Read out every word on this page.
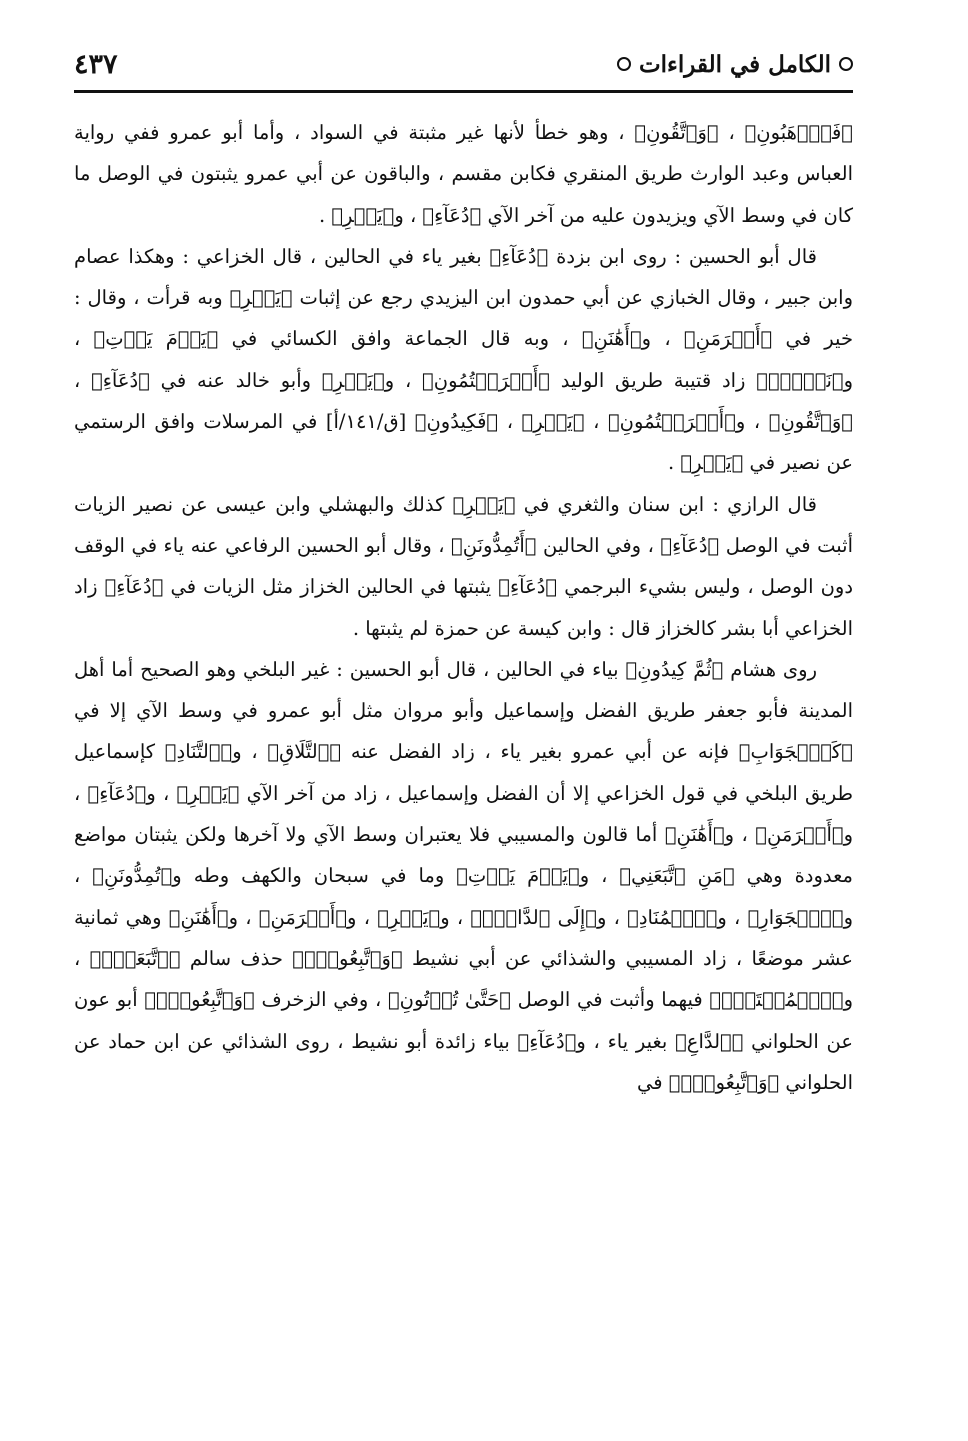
الكامل في القراءات
٤٣٧

﴿فَٱرۡهَبُونِ﴾ ، ﴿وَٱتَّقُونِ﴾ ، وهو خطأ لأنها غير مثبتة في السواد ، وأما أبو عمرو ففي رواية العباس وعبد الوارث طريق المنقري فكابن مقسم ، والباقون عن أبي عمرو يثبتون في الوصل ما كان في وسط الآي ويزيدون عليه من آخر الآي ﴿دُعَآءِ﴾ ، و﴿يَسۡرِ﴾ .

قال أبو الحسين : روى ابن بزدة ﴿دُعَآءِ﴾ بغير ياء في الحالين ، قال الخزاعي : وهكذا عصام وابن جبير ، وقال الخبازي عن أبي حمدون ابن اليزيدي رجع عن إثبات ﴿يَسۡرِ﴾ وبه قرأت ، وقال : خير في ﴿أَكۡرَمَنِ﴾ ، و﴿أَهَٰنَنِ﴾ ، وبه قال الجماعة وافق الكسائي في ﴿يَوۡمَ يَأۡتِ﴾ ، و﴿نَبۡغِۚ﴾ زاد قتيبة طريق الوليد ﴿أَشۡرَكۡتُمُونِ﴾ ، و﴿يَسۡرِ﴾ وأبو خالد عنه في ﴿دُعَآءِ﴾ ، ﴿وَٱتَّقُونِ﴾ ، و﴿أَشۡرَكۡتُمُونِ﴾ ، ﴿يَسۡرِ﴾ ، ﴿فَكِيدُونِ﴾ [ق/١٤١/أ] في المرسلات وافق الرستمي عن نصير في ﴿يَسۡرِ﴾ .

قال الرازي : ابن سنان والثغري في ﴿يَسۡرِ﴾ كذلك والبهشلي وابن عيسى عن نصير الزيات أثبت في الوصل ﴿دُعَآءِ﴾ ، وفي الحالين ﴿أَتُمِدُّونَنِ﴾ ، وقال أبو الحسين الرفاعي عنه ياء في الوقف دون الوصل ، وليس بشيء البرجمي ﴿دُعَآءِ﴾ يثبتها في الحالين الخزاز مثل الزيات في ﴿دُعَآءِ﴾ زاد الخزاعي أبا بشر كالخزاز قال : وابن كيسة عن حمزة لم يثبتها .

روى هشام ﴿ثُمَّ كِيدُونِ﴾ بياء في الحالين ، قال أبو الحسين : غير البلخي وهو الصحيح أما أهل المدينة فأبو جعفر طريق الفضل وإسماعيل وأبو مروان مثل أبو عمرو في وسط الآي إلا في ﴿كَٱلۡجَوَابِ﴾ فإنه عن أبي عمرو بغير ياء ، زاد الفضل عنه ﴿ٱلتَّلَاقِ﴾ ، و﴿ٱلتَّنَادِ﴾ كإسماعيل طريق البلخي في قول الخزاعي إلا أن الفضل وإسماعيل ، زاد من آخر الآي ﴿يَسۡرِ﴾ ، و﴿دُعَآءِ﴾ ، و﴿أَكۡرَمَنِ﴾ ، و﴿أَهَٰنَنِ﴾ أما قالون والمسيبي فلا يعتبران وسط الآي ولا آخرها ولكن يثبتان مواضع معدودة وهي ﴿مَنِ ٱتَّبَعَنِي﴾ ، و﴿يَوۡمَ يَأۡتِ﴾ وما في سبحان والكهف وطه و﴿تُمِدُّونَنِ﴾ ، و﴿ٱلۡجَوَارِ﴾ ، و﴿ٱلۡمُنَادِ﴾ ، و﴿إِلَى ٱلدَّاعِۖ﴾ ، و﴿يَسۡرِ﴾ ، و﴿أَكۡرَمَنِ﴾ ، و﴿أَهَٰنَنِ﴾ وهي ثمانية عشر موضعًا ، زاد المسيبي والشذائي عن أبي نشيط ﴿وَٱتَّبِعُونِۚ﴾ حذف سالم ﴿ٱتَّبَعَنِۗ﴾ ، و﴿ٱلۡمُهۡتَدِۖ﴾ فيهما وأثبت في الوصل ﴿حَتَّىٰ تُؤۡتُونِ﴾ ، وفي الزخرف ﴿وَٱتَّبِعُونِۚ﴾ أبو عون عن الحلواني ﴿ٱلدَّاعِ﴾ بغير ياء ، و﴿دُعَآءِ﴾ بياء زائدة أبو نشيط ، روى الشذائي عن ابن حماد عن الحلواني ﴿وَٱتَّبِعُونِۚ﴾ في
